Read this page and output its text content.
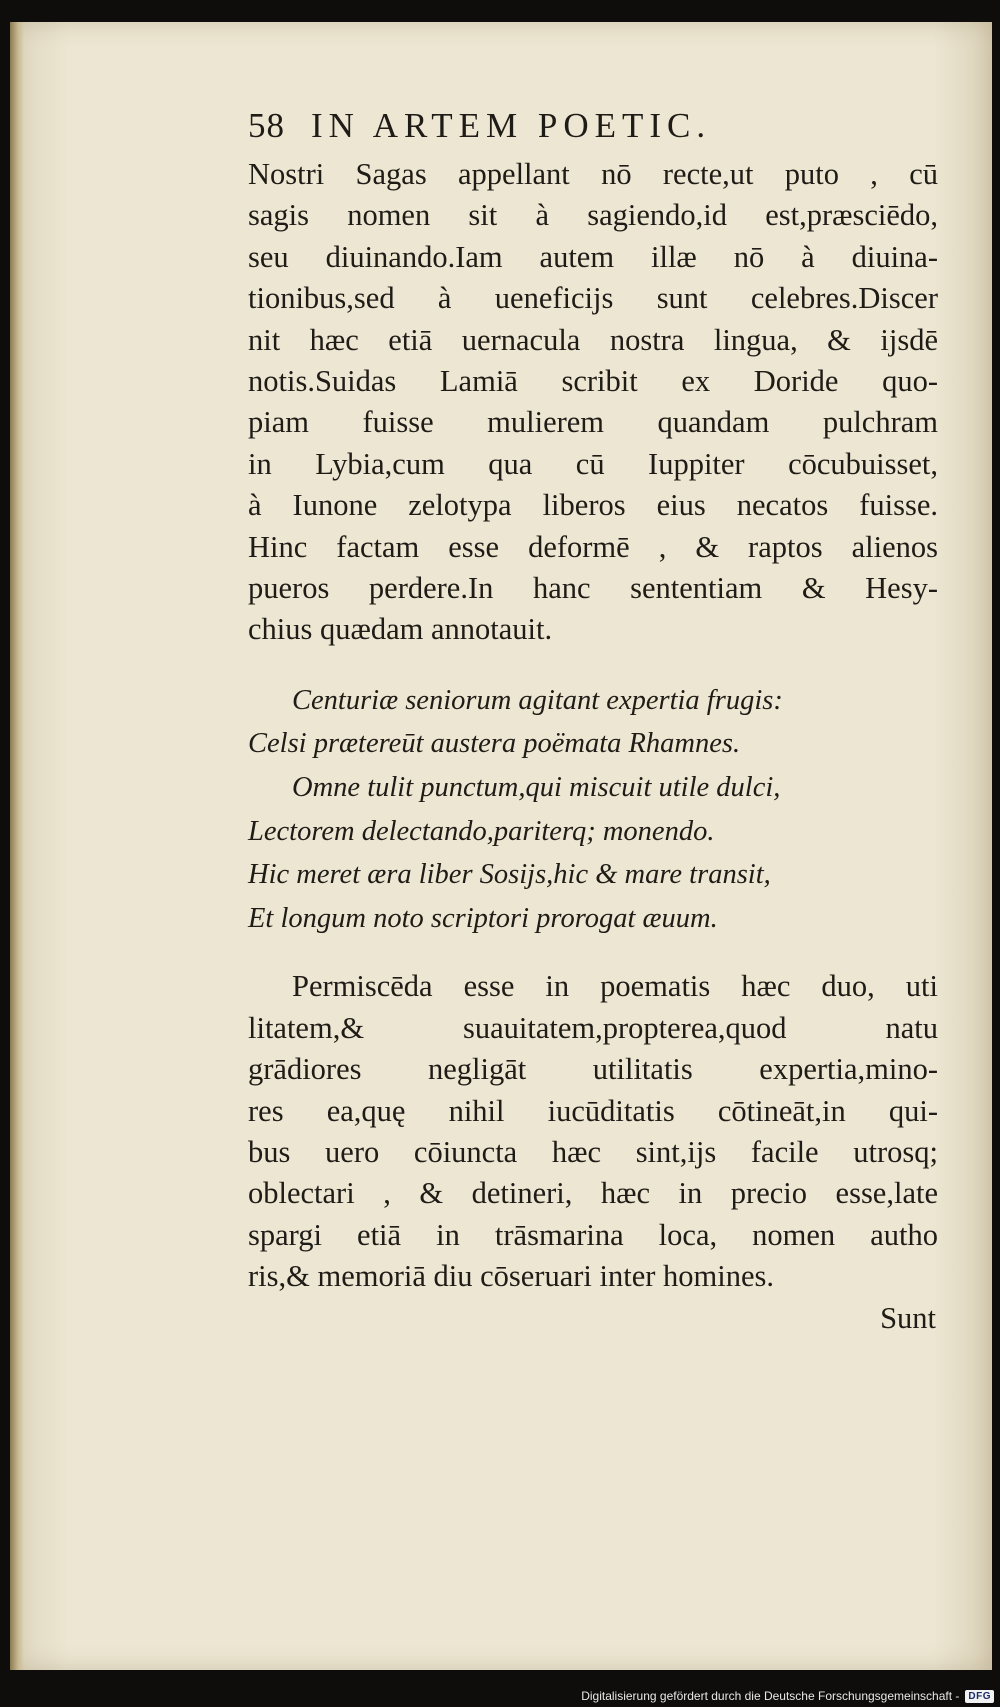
58 IN ARTEM POETIC.
Nostri Sagas appellant nō recte,ut puto , cū
sagis nomen sit à sagiendo,id est,præsciēdo,
seu diuinando.Iam autem illæ nō à diuina-
tionibus,sed à ueneficijs sunt celebres.Discer
nit hæc etiā uernacula nostra lingua, & ijsdē
notis.Suidas Lamiā scribit ex Doride quo-
piam fuisse mulierem quandam pulchram
in Lybia,cum qua cū Iuppiter cōcubuisset,
à Iunone zelotypa liberos eius necatos fuisse.
Hinc factam esse deformē , & raptos alienos
pueros perdere.In hanc sententiam & Hesy-
chius quædam annotauit.
Centuriæ seniorum agitant expertia frugis:
Celsi prætereūt austera poëmata Rhamnes.
Omne tulit punctum,qui miscuit utile dulci,
Lectorem delectando,pariterq; monendo.
Hic meret æra liber Sosijs,hic & mare transit,
Et longum noto scriptori prorogat æuum.
Permiscēda esse in poematis hæc duo, uti
litatem,& suauitatem,propterea,quod natu
grādiores negligāt utilitatis expertia,mino-
res ea,quę nihil iucūditatis cōtineāt,in qui-
bus uero cōiuncta hæc sint,ijs facile utrosq;
oblectari , & detineri, hæc in precio esse,late
spargi etiā in trāsmarina loca, nomen autho
ris,& memoriā diu cōseruari inter homines.
Sunt
Digitalisierung gefördert durch die Deutsche Forschungsgemeinschaft - DFG
